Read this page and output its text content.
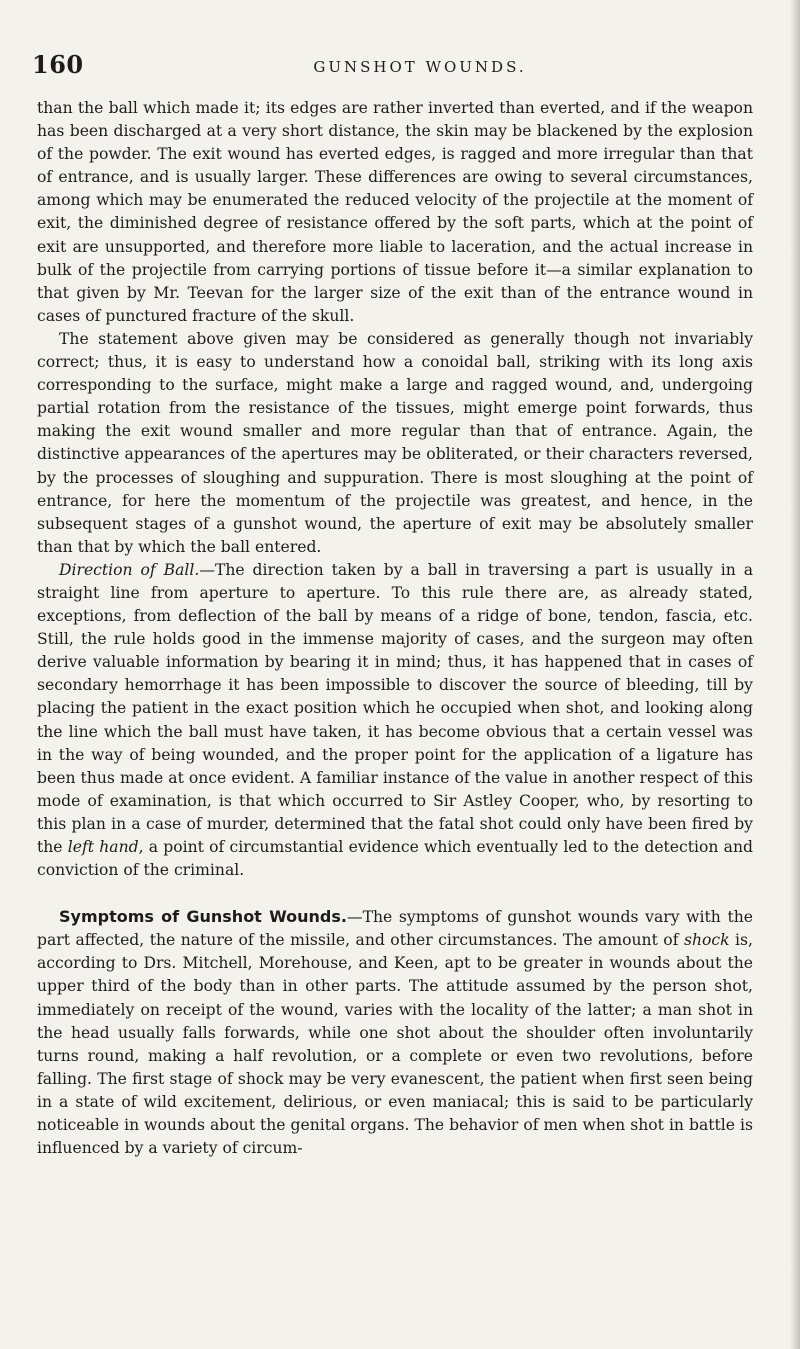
160	GUNSHOT WOUNDS.

than the ball which made it; its edges are rather inverted than everted, and if the weapon has been discharged at a very short distance, the skin may be blackened by the explosion of the powder. The exit wound has everted edges, is ragged and more irregular than that of entrance, and is usually larger. These differences are owing to several circumstances, among which may be enumerated the reduced velocity of the projectile at the moment of exit, the diminished degree of resistance offered by the soft parts, which at the point of exit are unsupported, and therefore more liable to laceration, and the actual increase in bulk of the projectile from carrying portions of tissue before it—a similar explanation to that given by Mr. Teevan for the larger size of the exit than of the entrance wound in cases of punctured fracture of the skull.

The statement above given may be considered as generally though not invariably correct; thus, it is easy to understand how a conoidal ball, striking with its long axis corresponding to the surface, might make a large and ragged wound, and, undergoing partial rotation from the resistance of the tissues, might emerge point forwards, thus making the exit wound smaller and more regular than that of entrance. Again, the distinctive appearances of the apertures may be obliterated, or their characters reversed, by the processes of sloughing and suppuration. There is most sloughing at the point of entrance, for here the momentum of the projectile was greatest, and hence, in the subsequent stages of a gunshot wound, the aperture of exit may be absolutely smaller than that by which the ball entered.

Direction of Ball.—The direction taken by a ball in traversing a part is usually in a straight line from aperture to aperture. To this rule there are, as already stated, exceptions, from deflection of the ball by means of a ridge of bone, tendon, fascia, etc. Still, the rule holds good in the immense majority of cases, and the surgeon may often derive valuable information by bearing it in mind; thus, it has happened that in cases of secondary hemorrhage it has been impossible to discover the source of bleeding, till by placing the patient in the exact position which he occupied when shot, and looking along the line which the ball must have taken, it has become obvious that a certain vessel was in the way of being wounded, and the proper point for the application of a ligature has been thus made at once evident. A familiar instance of the value in another respect of this mode of examination, is that which occurred to Sir Astley Cooper, who, by resorting to this plan in a case of murder, determined that the fatal shot could only have been fired by the left hand, a point of circumstantial evidence which eventually led to the detection and conviction of the criminal.

Symptoms of Gunshot Wounds.—The symptoms of gunshot wounds vary with the part affected, the nature of the missile, and other circumstances. The amount of shock is, according to Drs. Mitchell, Morehouse, and Keen, apt to be greater in wounds about the upper third of the body than in other parts. The attitude assumed by the person shot, immediately on receipt of the wound, varies with the locality of the latter; a man shot in the head usually falls forwards, while one shot about the shoulder often involuntarily turns round, making a half revolution, or a complete or even two revolutions, before falling. The first stage of shock may be very evanescent, the patient when first seen being in a state of wild excitement, delirious, or even maniacal; this is said to be particularly noticeable in wounds about the genital organs. The behavior of men when shot in battle is influenced by a variety of circum-
